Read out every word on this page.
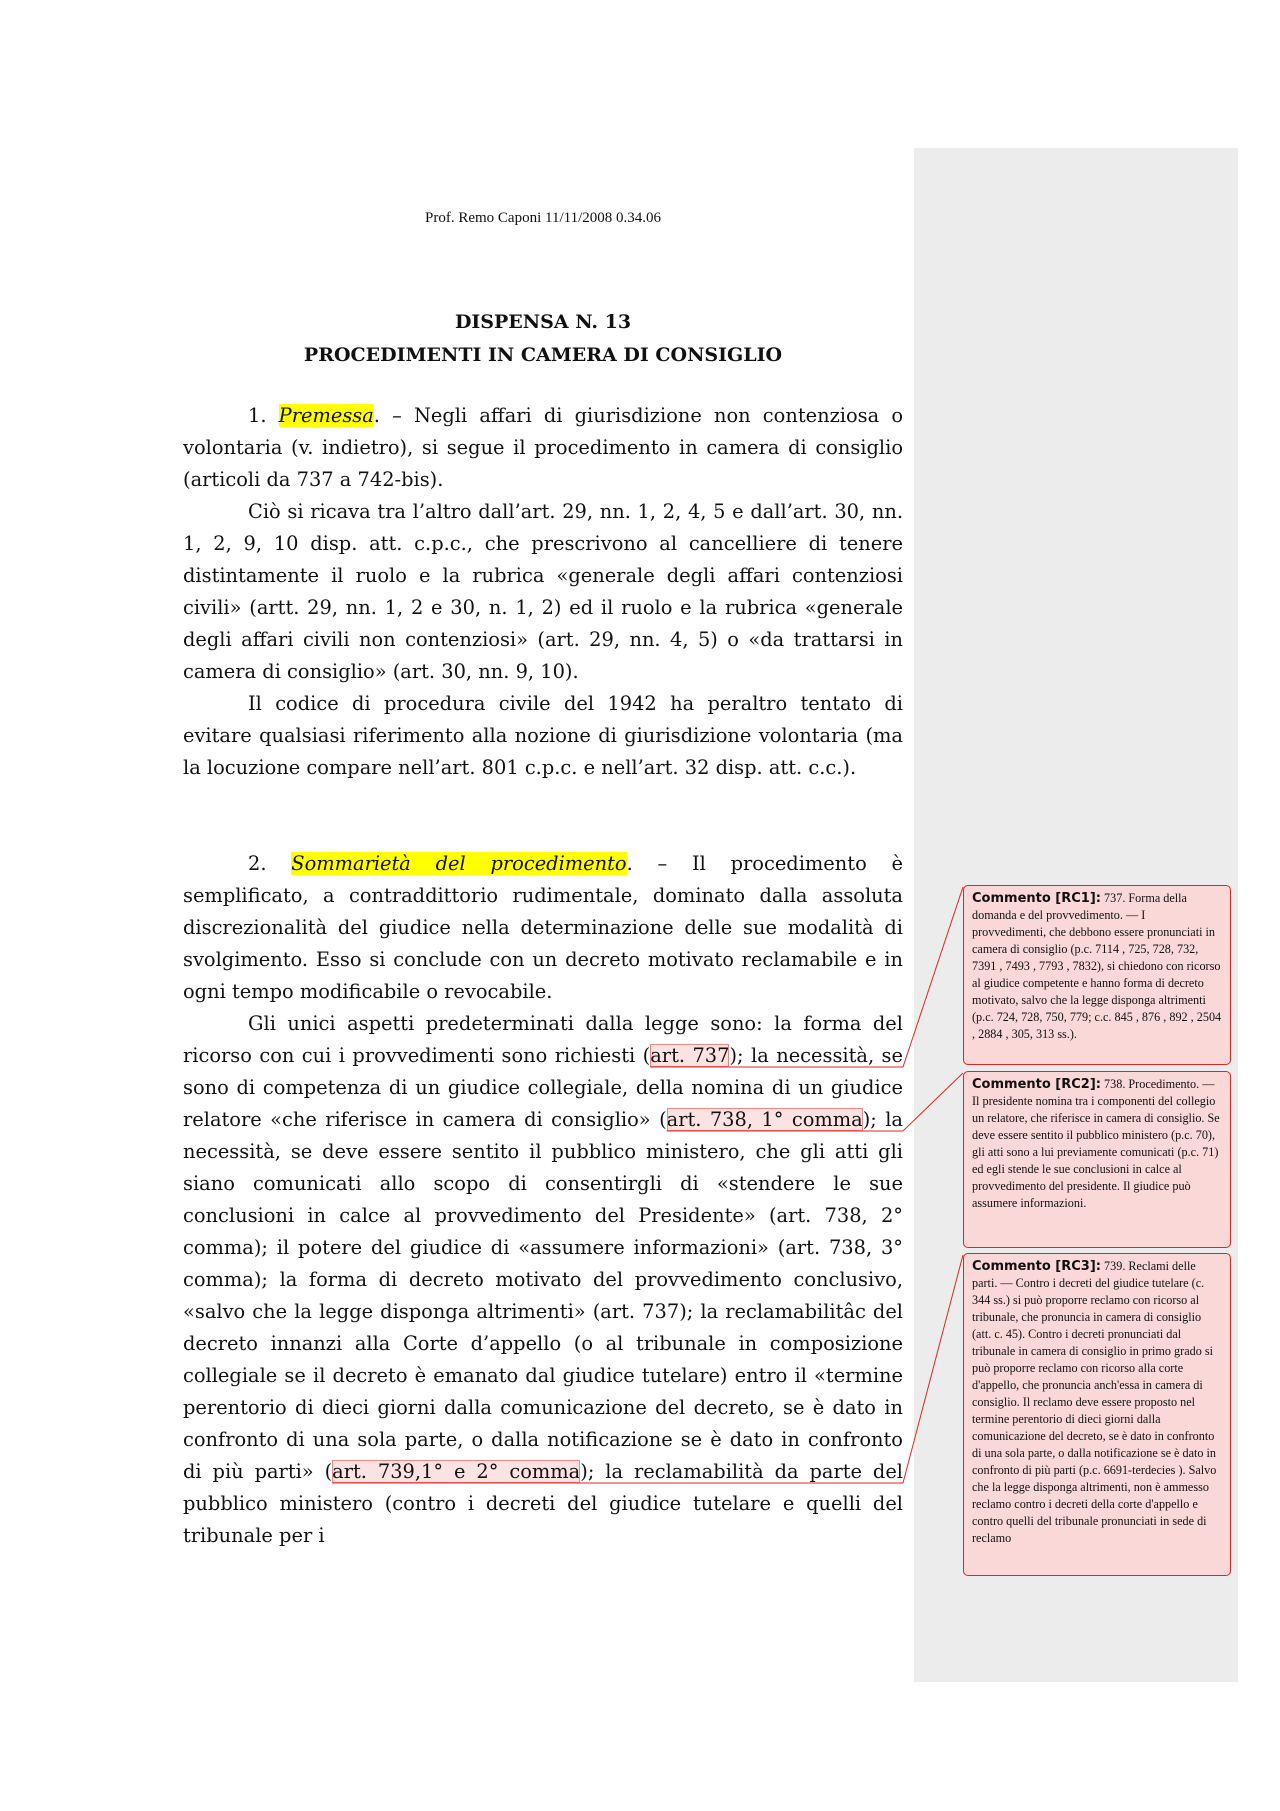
Prof. Remo Caponi 11/11/2008 0.34.06
DISPENSA N. 13
PROCEDIMENTI IN CAMERA DI CONSIGLIO

1. Premessa. – Negli affari di giurisdizione non contenziosa o volontaria (v. indietro), si segue il procedimento in camera di consiglio (articoli da 737 a 742-bis).

Ciò si ricava tra l’altro dall’art. 29, nn. 1, 2, 4, 5 e dall’art. 30, nn. 1, 2, 9, 10 disp. att. c.p.c., che prescrivono al cancelliere di tenere distintamente il ruolo e la rubrica «generale degli affari contenziosi civili» (artt. 29, nn. 1, 2 e 30, n. 1, 2) ed il ruolo e la rubrica «generale degli affari civili non contenziosi» (art. 29, nn. 4, 5) o «da trattarsi in camera di consiglio» (art. 30, nn. 9, 10).

Il codice di procedura civile del 1942 ha peraltro tentato di evitare qualsiasi riferimento alla nozione di giurisdizione volontaria (ma la locuzione compare nell’art. 801 c.p.c. e nell’art. 32 disp. att. c.c.).

2. Sommarietà del procedimento. – Il procedimento è semplificato, a contraddittorio rudimentale, dominato dalla assoluta discrezionalità del giudice nella determinazione delle sue modalità di svolgimento. Esso si conclude con un decreto motivato reclamabile e in ogni tempo modificabile o revocabile.

Gli unici aspetti predeterminati dalla legge sono: la forma del ricorso con cui i provvedimenti sono richiesti (art. 737); la necessità, se sono di competenza di un giudice collegiale, della nomina di un giudice relatore «che riferisce in camera di consiglio» (art. 738, 1° comma); la necessità, se deve essere sentito il pubblico ministero, che gli atti gli siano comunicati allo scopo di consentirgli di «stendere le sue conclusioni in calce al provvedimento del Presidente» (art. 738, 2° comma); il potere del giudice di «assumere informazioni» (art. 738, 3° comma); la forma di decreto motivato del provvedimento conclusivo, «salvo che la legge disponga altrimenti» (art. 737); la reclamabilitâc del decreto innanzi alla Corte d’appello (o al tribunale in composizione collegiale se il decreto è emanato dal giudice tutelare) entro il «termine perentorio di dieci giorni dalla comunicazione del decreto, se è dato in confronto di una sola parte, o dalla notificazione se è dato in confronto di più parti» (art. 739,1° e 2° comma); la reclamabilità da parte del pubblico ministero (contro i decreti del giudice tutelare e quelli del tribunale per i

Commento [RC1]: 737. Forma della domanda e del provvedimento. — I provvedimenti, che debbono essere pronunciati in camera di consiglio (p.c. 7114 , 725, 728, 732, 7391 , 7493 , 7793 , 7832), si chiedono con ricorso al giudice competente e hanno forma di decreto motivato, salvo che la legge disponga altrimenti (p.c. 724, 728, 750, 779; c.c. 845 , 876 , 892 , 2504 , 2884 , 305, 313 ss.).
Commento [RC2]: 738. Procedimento. — Il presidente nomina tra i componenti del collegio un relatore, che riferisce in camera di consiglio. Se deve essere sentito il pubblico ministero (p.c. 70), gli atti sono a lui previamente comunicati (p.c. 71) ed egli stende le sue conclusioni in calce al provvedimento del presidente. Il giudice può assumere informazioni.
Commento [RC3]: 739. Reclami delle parti. — Contro i decreti del giudice tutelare (c. 344 ss.) si può proporre reclamo con ricorso al tribunale, che pronuncia in camera di consiglio (att. c. 45). Contro i decreti pronunciati dal tribunale in camera di consiglio in primo grado si può proporre reclamo con ricorso alla corte d'appello, che pronuncia anch'essa in camera di consiglio. Il reclamo deve essere proposto nel termine perentorio di dieci giorni dalla comunicazione del decreto, se è dato in confronto di una sola parte, o dalla notificazione se è dato in confronto di più parti (p.c. 6691-terdecies ). Salvo che la legge disponga altrimenti, non è ammesso reclamo contro i decreti della corte d'appello e contro quelli del tribunale pronunciati in sede di reclamo
